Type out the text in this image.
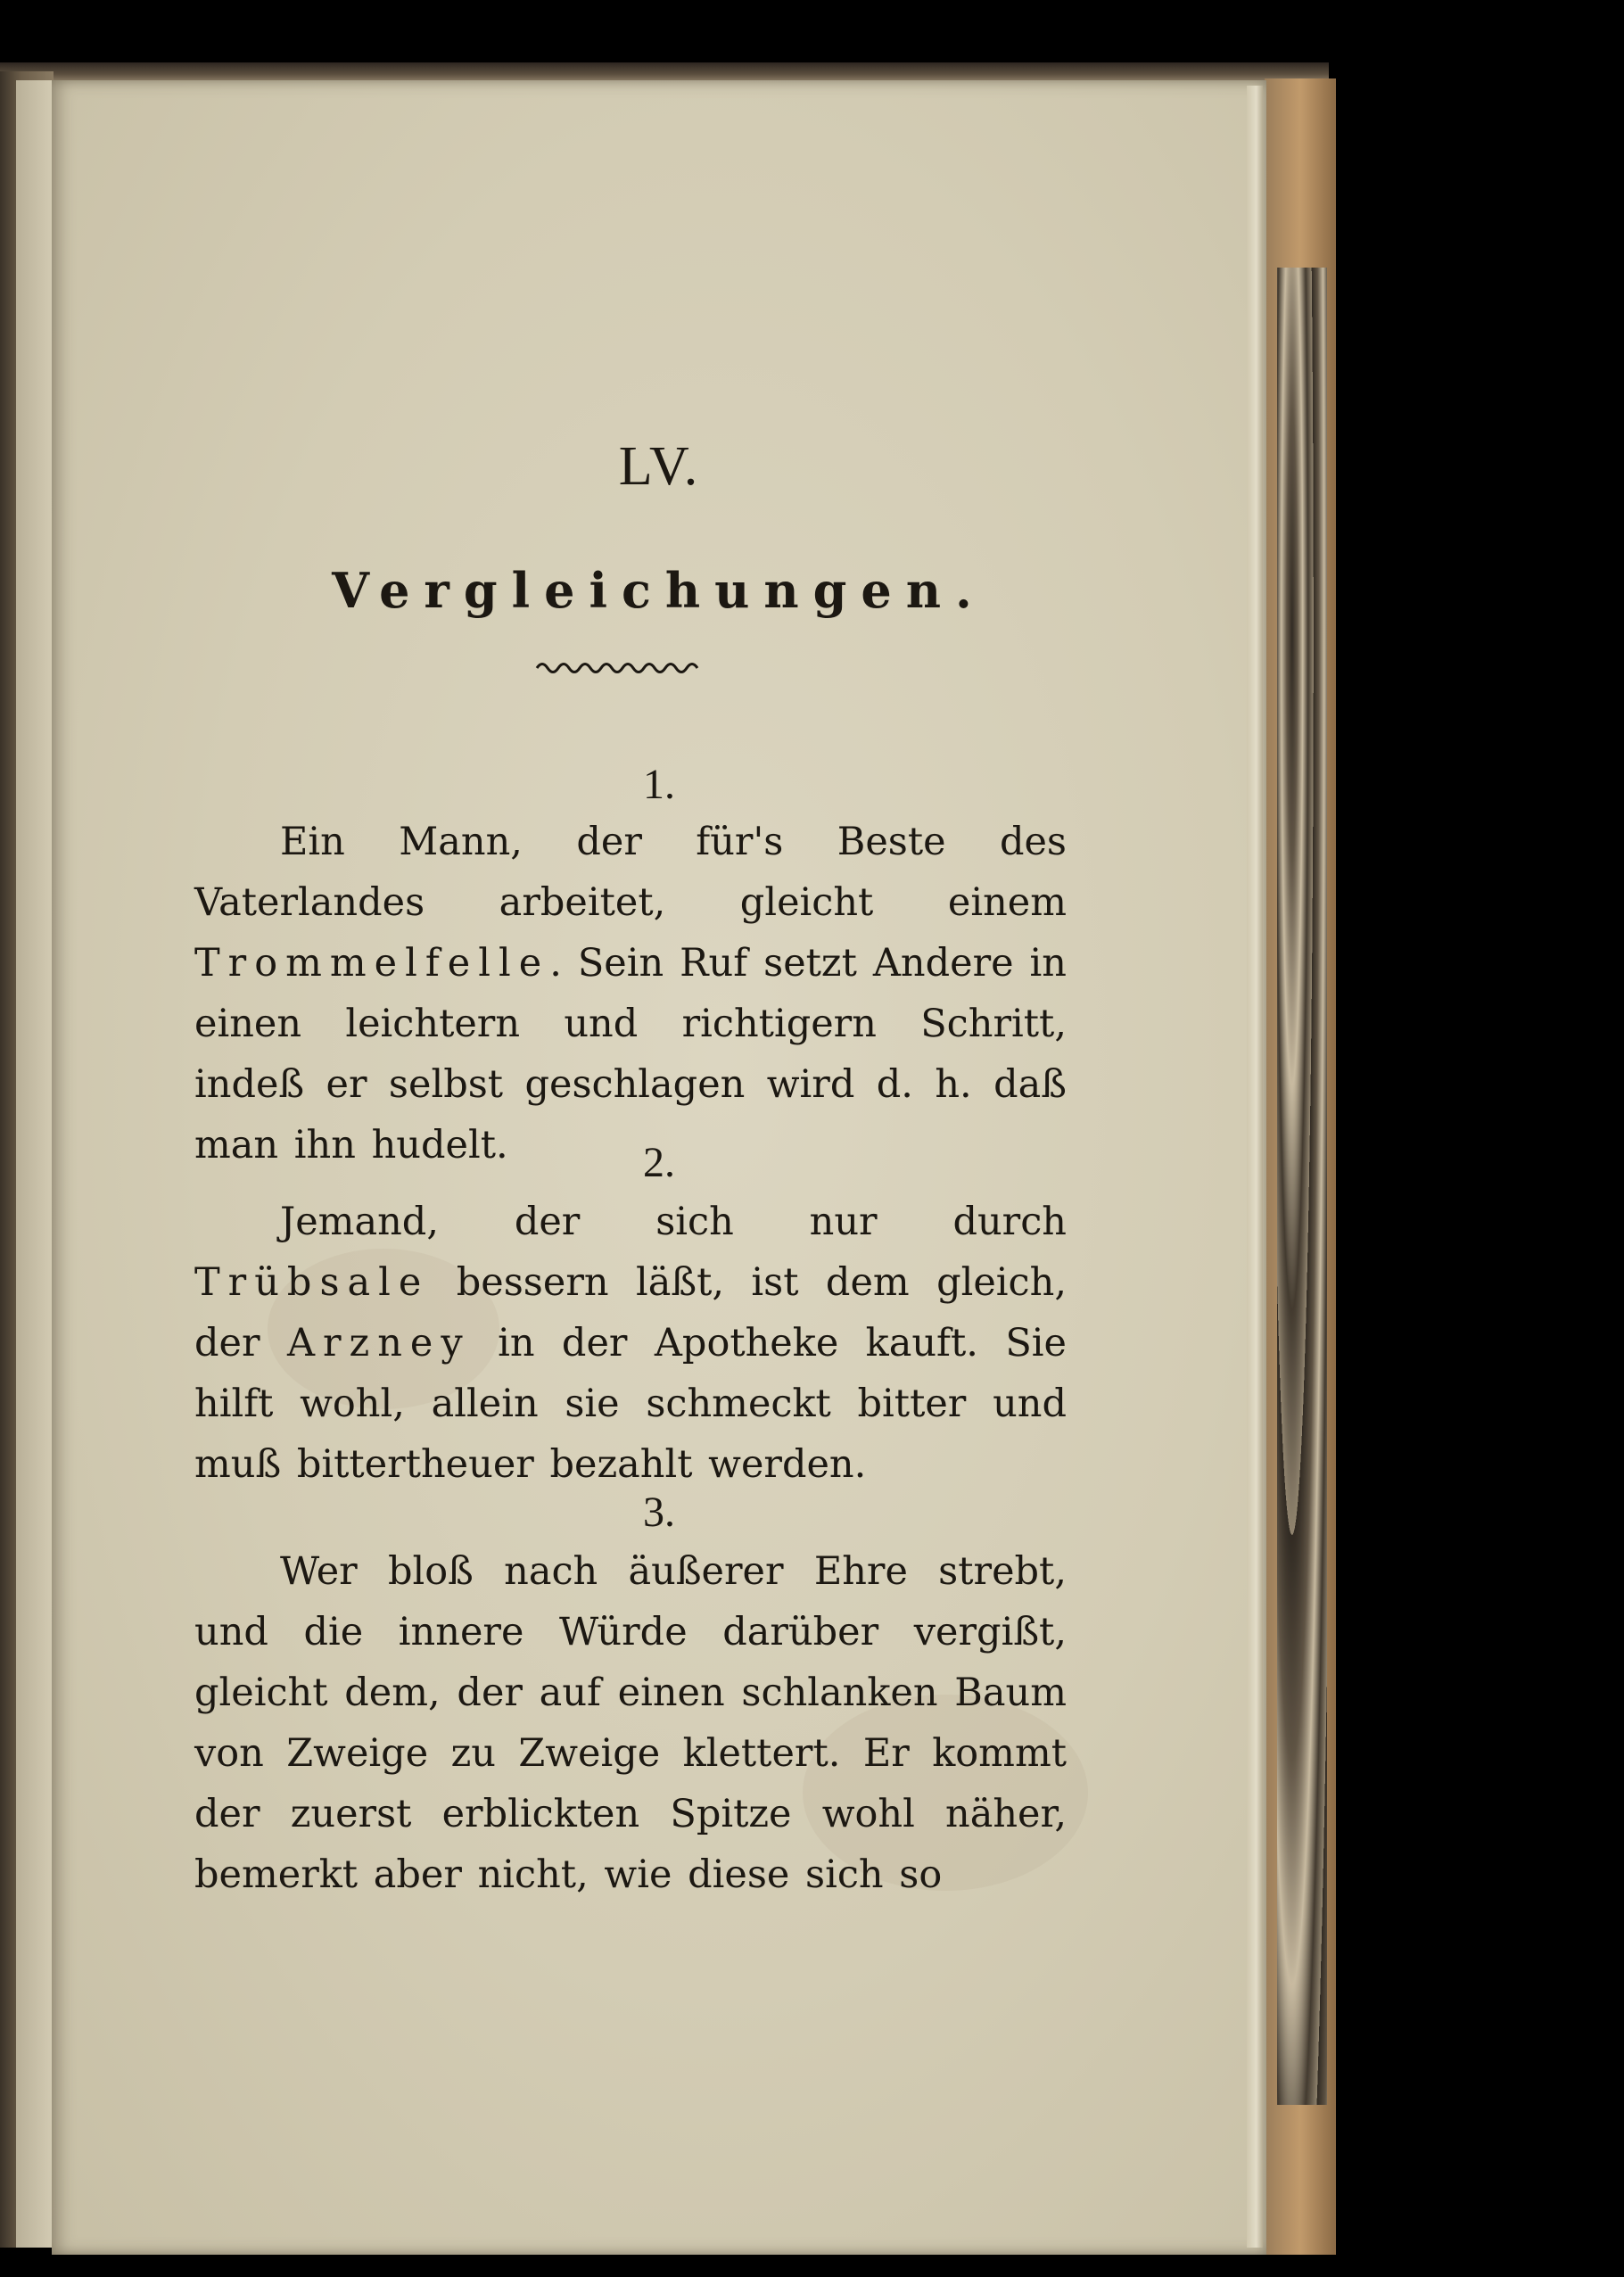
LV.
Vergleichungen.
1.
Ein Mann, der für's Beste des Vaterlandes arbeitet, gleicht einem Trommelfelle. Sein Ruf setzt Andere in einen leichtern und richtigern Schritt, indeß er selbst geschlagen wird d. h. daß man ihn hudelt.	2.
Jemand, der sich nur durch Trübsale bessern läßt, ist dem gleich, der Arzney in der Apotheke kauft. Sie hilft wohl, allein sie schmeckt bitter und muß bittertheuer bezahlt werden.
3.
Wer bloß nach äußerer Ehre strebt, und die innere Würde darüber vergißt, gleicht dem, der auf einen schlanken Baum von Zweige zu Zweige klettert. Er kommt der zuerst erblickten Spitze wohl näher, bemerkt aber nicht, wie diese sich so
